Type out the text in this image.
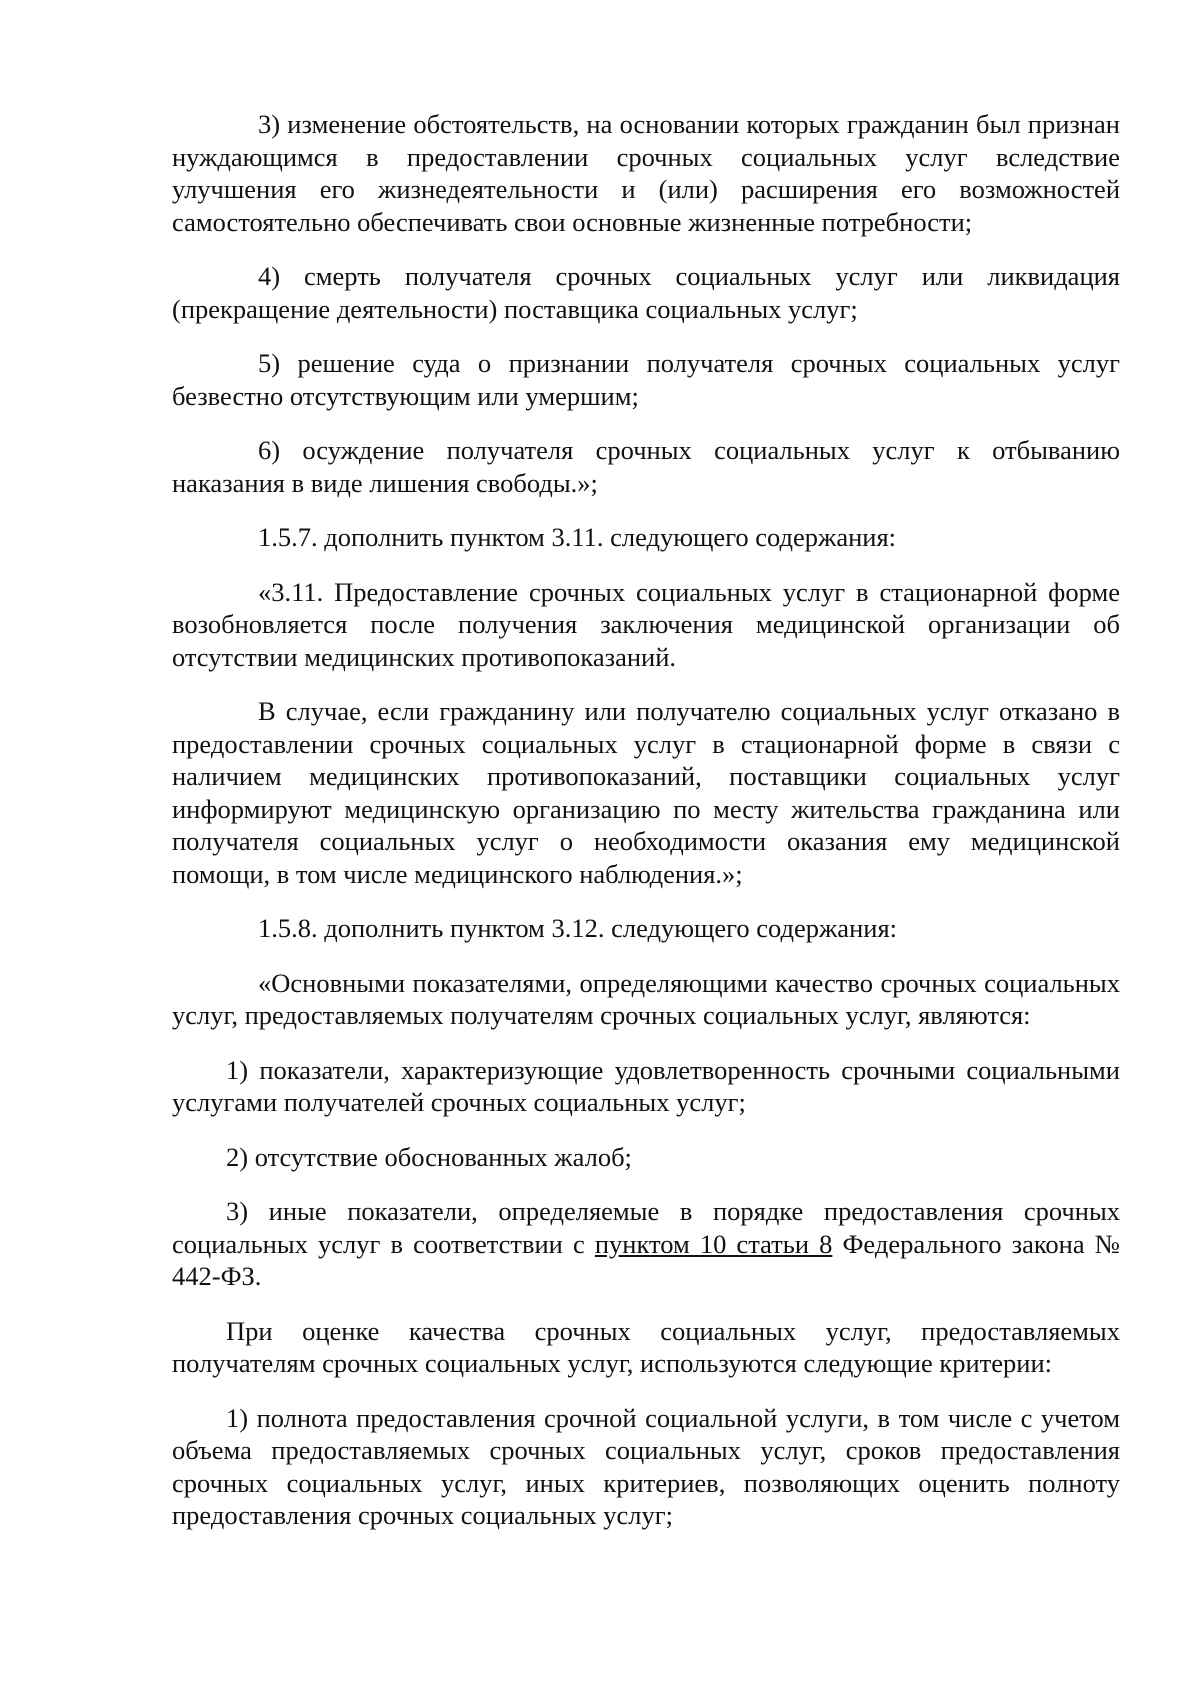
3) изменение обстоятельств, на основании которых гражданин был признан нуждающимся в предоставлении срочных социальных услуг вследствие улучшения его жизнедеятельности и (или) расширения его возможностей самостоятельно обеспечивать свои основные жизненные потребности;

4) смерть получателя срочных социальных услуг или ликвидация (прекращение деятельности) поставщика социальных услуг;

5) решение суда о признании получателя срочных социальных услуг безвестно отсутствующим или умершим;

6) осуждение получателя срочных социальных услуг к отбыванию наказания в виде лишения свободы.»;

1.5.7. дополнить пунктом 3.11. следующего содержания:

«3.11. Предоставление срочных социальных услуг в стационарной форме возобновляется после получения заключения медицинской организации об отсутствии медицинских противопоказаний.

В случае, если гражданину или получателю социальных услуг отказано в предоставлении срочных социальных услуг в стационарной форме в связи с наличием медицинских противопоказаний, поставщики социальных услуг информируют медицинскую организацию по месту жительства гражданина или получателя социальных услуг о необходимости оказания ему медицинской помощи, в том числе медицинского наблюдения.»;

1.5.8. дополнить пунктом 3.12. следующего содержания:

«Основными показателями, определяющими качество срочных социальных услуг, предоставляемых получателям срочных социальных услуг, являются:

1) показатели, характеризующие удовлетворенность срочными социальными услугами получателей срочных социальных услуг;

2) отсутствие обоснованных жалоб;

3) иные показатели, определяемые в порядке предоставления срочных социальных услуг в соответствии с пунктом 10 статьи 8 Федерального закона № 442-ФЗ.

При оценке качества срочных социальных услуг, предоставляемых получателям срочных социальных услуг, используются следующие критерии:

1) полнота предоставления срочной социальной услуги, в том числе с учетом объема предоставляемых срочных социальных услуг, сроков предоставления срочных социальных услуг, иных критериев, позволяющих оценить полноту предоставления срочных социальных услуг;
